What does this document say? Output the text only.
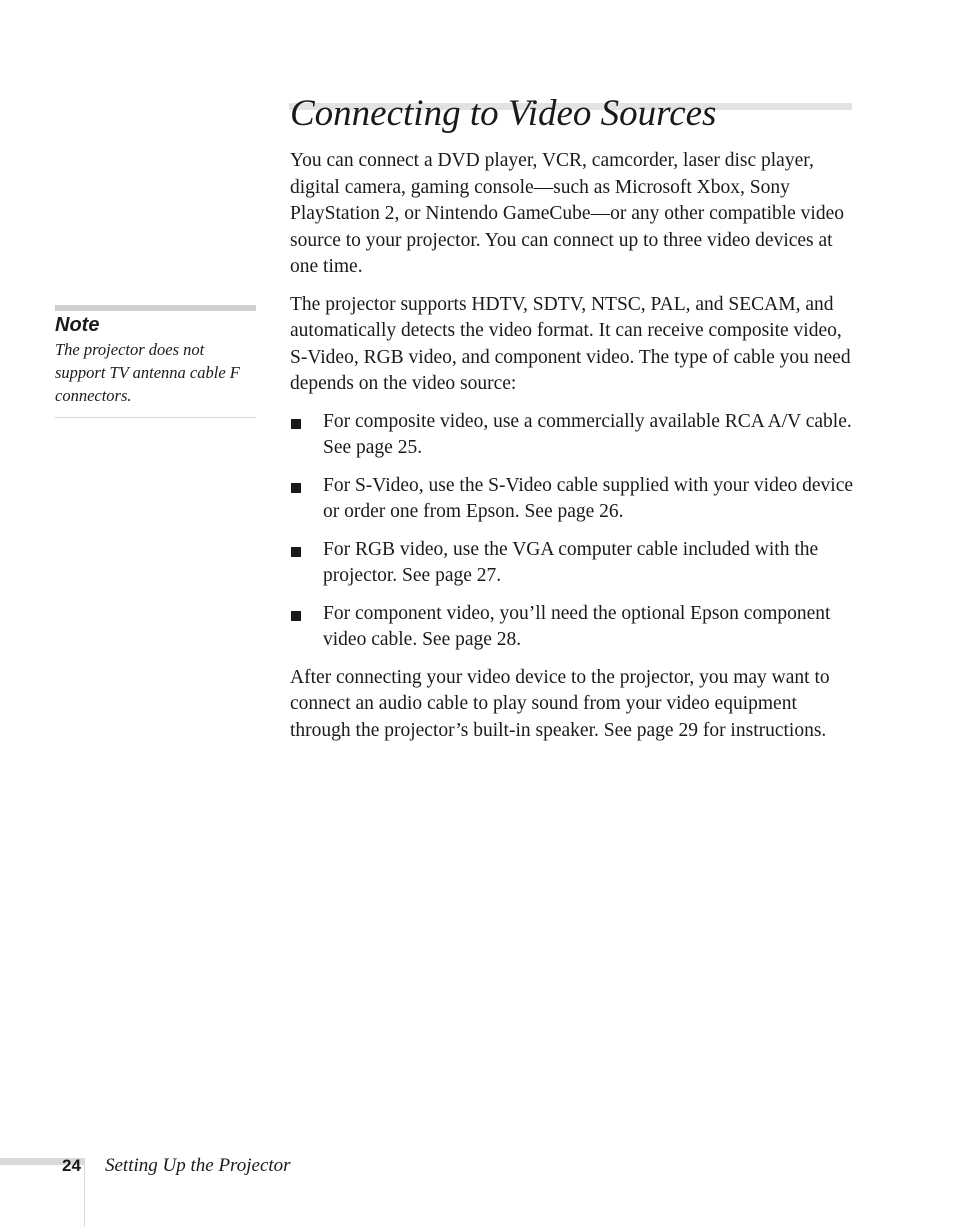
Connecting to Video Sources

You can connect a DVD player, VCR, camcorder, laser disc player, digital camera, gaming console—such as Microsoft Xbox, Sony PlayStation 2, or Nintendo GameCube—or any other compatible video source to your projector. You can connect up to three video devices at one time.

The projector supports HDTV, SDTV, NTSC, PAL, and SECAM, and automatically detects the video format. It can receive composite video, S-Video, RGB video, and component video. The type of cable you need depends on the video source:

For composite video, use a commercially available RCA A/V cable. See page 25.
For S-Video, use the S-Video cable supplied with your video device or order one from Epson. See page 26.
For RGB video, use the VGA computer cable included with the projector. See page 27.
For component video, you’ll need the optional Epson component video cable. See page 28.

After connecting your video device to the projector, you may want to connect an audio cable to play sound from your video equipment through the projector’s built-in speaker. See page 29 for instructions.

Note

The projector does not support TV antenna cable F connectors.

24 Setting Up the Projector
